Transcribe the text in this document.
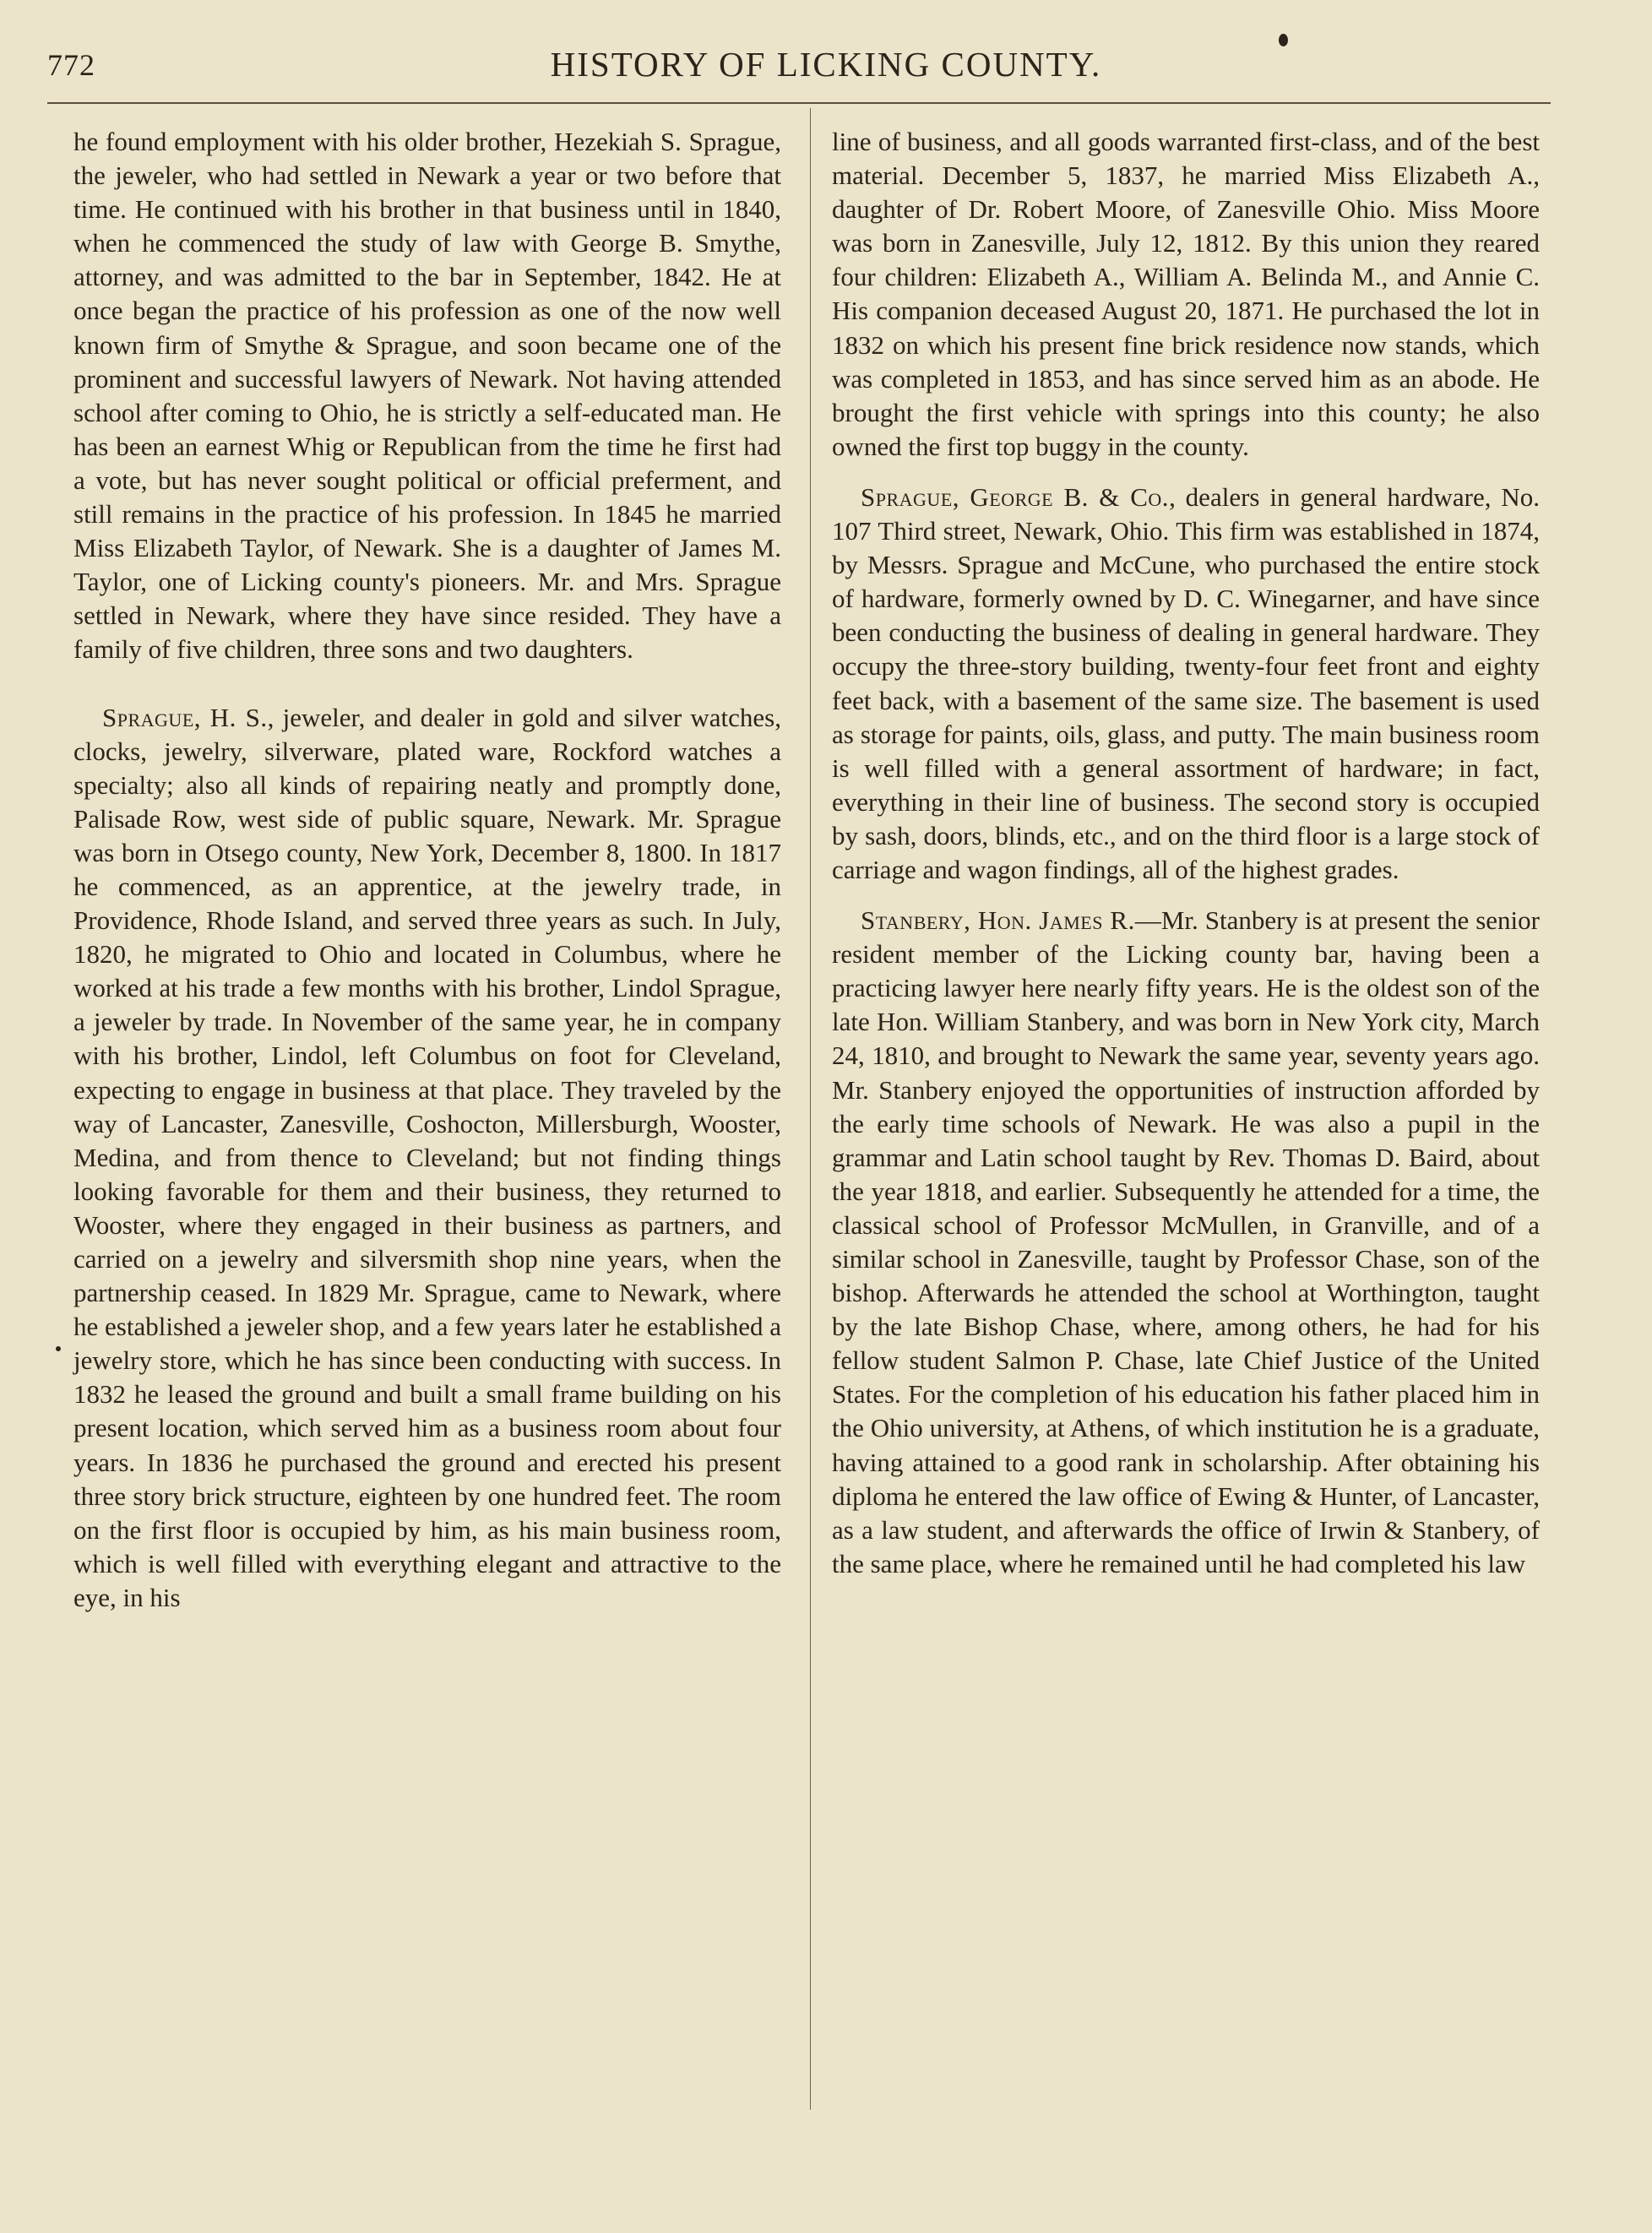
772	HISTORY OF LICKING COUNTY.

he found employment with his older brother, Hezekiah S. Sprague, the jeweler, who had settled in Newark a year or two before that time. He continued with his brother in that business until in 1840, when he commenced the study of law with George B. Smythe, attorney, and was admitted to the bar in September, 1842. He at once began the practice of his profession as one of the now well known firm of Smythe & Sprague, and soon became one of the prominent and successful lawyers of Newark. Not having attended school after coming to Ohio, he is strictly a self-educated man. He has been an earnest Whig or Republican from the time he first had a vote, but has never sought political or official preferment, and still remains in the practice of his profession. In 1845 he married Miss Elizabeth Taylor, of Newark. She is a daughter of James M. Taylor, one of Licking county's pioneers. Mr. and Mrs. Sprague settled in Newark, where they have since resided. They have a family of five children, three sons and two daughters.

Sprague, H. S., jeweler, and dealer in gold and silver watches, clocks, jewelry, silverware, plated ware, Rockford watches a specialty; also all kinds of repairing neatly and promptly done, Palisade Row, west side of public square, Newark. Mr. Sprague was born in Otsego county, New York, December 8, 1800. In 1817 he commenced, as an apprentice, at the jewelry trade, in Providence, Rhode Island, and served three years as such. In July, 1820, he migrated to Ohio and located in Columbus, where he worked at his trade a few months with his brother, Lindol Sprague, a jeweler by trade. In November of the same year, he in company with his brother, Lindol, left Columbus on foot for Cleveland, expecting to engage in business at that place. They traveled by the way of Lancaster, Zanesville, Coshocton, Millersburgh, Wooster, Medina, and from thence to Cleveland; but not finding things looking favorable for them and their business, they returned to Wooster, where they engaged in their business as partners, and carried on a jewelry and silversmith shop nine years, when the partnership ceased. In 1829 Mr. Sprague, came to Newark, where he established a jeweler shop, and a few years later he established a jewelry store, which he has since been conducting with success. In 1832 he leased the ground and built a small frame building on his present location, which served him as a business room about four years. In 1836 he purchased the ground and erected his present three story brick structure, eighteen by one hundred feet. The room on the first floor is occupied by him, as his main business room, which is well filled with everything elegant and attractive to the eye, in his

line of business, and all goods warranted first-class, and of the best material. December 5, 1837, he married Miss Elizabeth A., daughter of Dr. Robert Moore, of Zanesville Ohio. Miss Moore was born in Zanesville, July 12, 1812. By this union they reared four children: Elizabeth A., William A. Belinda M., and Annie C. His companion deceased August 20, 1871. He purchased the lot in 1832 on which his present fine brick residence now stands, which was completed in 1853, and has since served him as an abode. He brought the first vehicle with springs into this county; he also owned the first top buggy in the county.

Sprague, George B. & Co., dealers in general hardware, No. 107 Third street, Newark, Ohio. This firm was established in 1874, by Messrs. Sprague and McCune, who purchased the entire stock of hardware, formerly owned by D. C. Winegarner, and have since been conducting the business of dealing in general hardware. They occupy the three-story building, twenty-four feet front and eighty feet back, with a basement of the same size. The basement is used as storage for paints, oils, glass, and putty. The main business room is well filled with a general assortment of hardware; in fact, everything in their line of business. The second story is occupied by sash, doors, blinds, etc., and on the third floor is a large stock of carriage and wagon findings, all of the highest grades.

Stanbery, Hon. James R.—Mr. Stanbery is at present the senior resident member of the Licking county bar, having been a practicing lawyer here nearly fifty years. He is the oldest son of the late Hon. William Stanbery, and was born in New York city, March 24, 1810, and brought to Newark the same year, seventy years ago. Mr. Stanbery enjoyed the opportunities of instruction afforded by the early time schools of Newark. He was also a pupil in the grammar and Latin school taught by Rev. Thomas D. Baird, about the year 1818, and earlier. Subsequently he attended for a time, the classical school of Professor McMullen, in Granville, and of a similar school in Zanesville, taught by Professor Chase, son of the bishop. Afterwards he attended the school at Worthington, taught by the late Bishop Chase, where, among others, he had for his fellow student Salmon P. Chase, late Chief Justice of the United States. For the completion of his education his father placed him in the Ohio university, at Athens, of which institution he is a graduate, having attained to a good rank in scholarship. After obtaining his diploma he entered the law office of Ewing & Hunter, of Lancaster, as a law student, and afterwards the office of Irwin & Stanbery, of the same place, where he remained until he had completed his law
